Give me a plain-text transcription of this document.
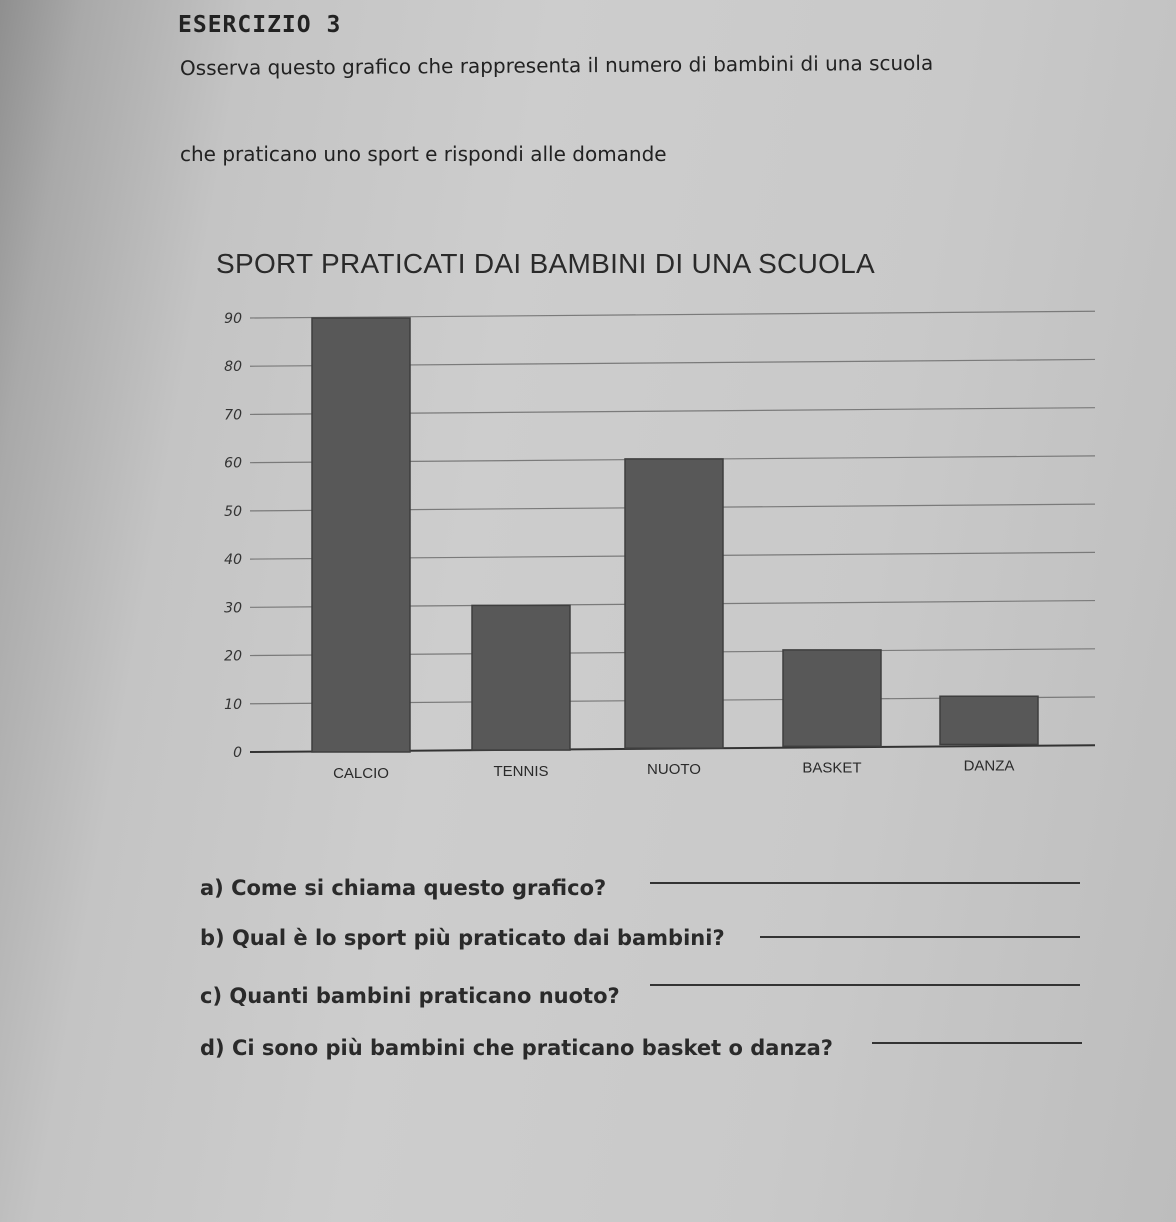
ESERCIZIO 3
Osserva questo grafico che rappresenta il numero di bambini di una scuola
che praticano uno sport e rispondi alle domande
SPORT PRATICATI DAI BAMBINI DI UNA SCUOLA
0
10
20
30
40
50
60
70
80
90
CALCIO	TENNIS	NUOTO	BASKET	DANZA
a) Come si chiama questo grafico?
b) Qual è lo sport più praticato dai bambini?
c) Quanti bambini praticano nuoto?
d) Ci sono più bambini che praticano basket o danza?
